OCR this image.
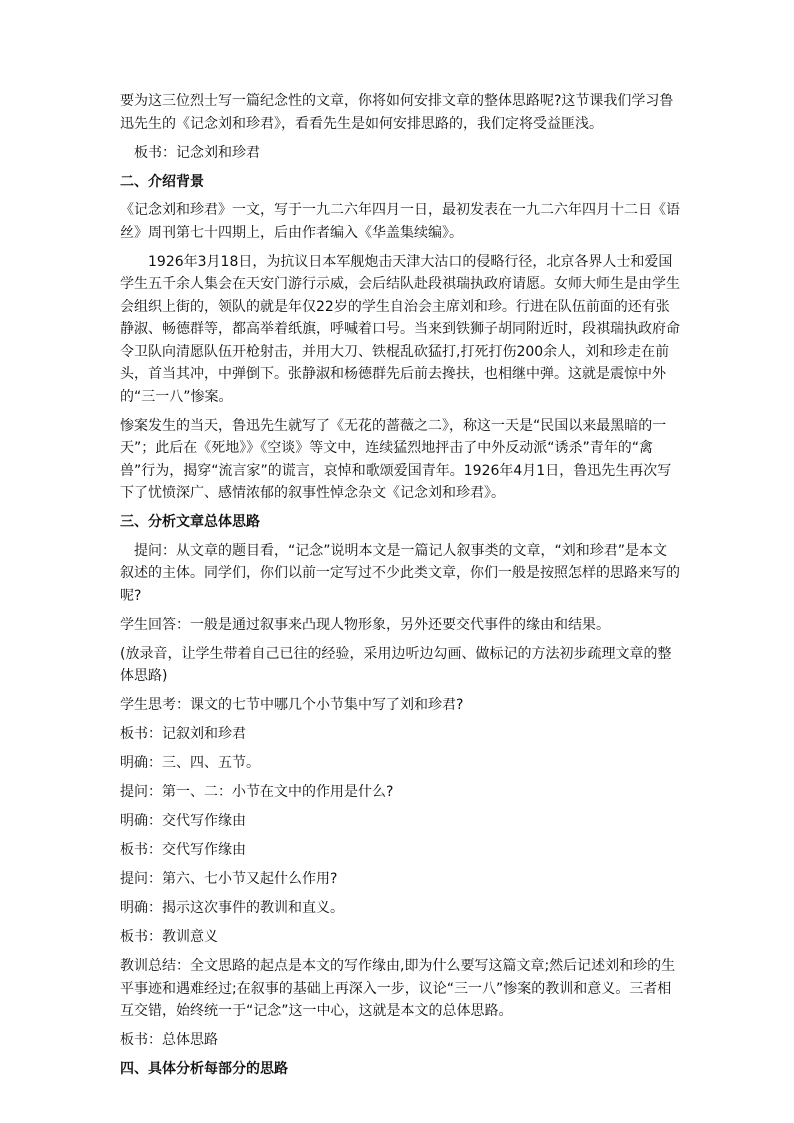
要为这三位烈士写一篇纪念性的文章，你将如何安排文章的整体思路呢?这节课我们学习鲁迅先生的《记念刘和珍君》，看看先生是如何安排思路的，我们定将受益匪浅。

板书：记念刘和珍君

二、介绍背景

《记念刘和珍君》一文，写于一九二六年四月一日，最初发表在一九二六年四月十二日《语丝》周刊第七十四期上，后由作者编入《华盖集续编》。

1926年3月18日，为抗议日本军舰炮击天津大沽口的侵略行径，北京各界人士和爱国学生五千余人集会在天安门游行示威，会后结队赴段祺瑞执政府请愿。女师大师生是由学生会组织上街的，领队的就是年仅22岁的学生自治会主席刘和珍。行进在队伍前面的还有张静淑、畅德群等，都高举着纸旗，呼喊着口号。当来到铁狮子胡同附近时，段祺瑞执政府命令卫队向清愿队伍开枪射击，并用大刀、铁棍乱砍猛打,打死打伤200余人，刘和珍走在前头，首当其冲，中弹倒下。张静淑和杨德群先后前去搀扶，也相继中弹。这就是震惊中外的“三一八”惨案。

惨案发生的当天，鲁迅先生就写了《无花的蔷薇之二》，称这一天是“民国以来最黑暗的一天”；此后在《死地》》《空谈》等文中，连续猛烈地抨击了中外反动派“诱杀”青年的“禽兽”行为，揭穿“流言家”的谎言，哀悼和歌颂爱国青年。1926年4月1日，鲁迅先生再次写下了忧愤深广、感情浓郁的叙事性悼念杂文《记念刘和珍君》。

三、分析文章总体思路

提问：从文章的题目看，“记念”说明本文是一篇记人叙事类的文章，“刘和珍君”是本文叙述的主体。同学们，你们以前一定写过不少此类文章，你们一般是按照怎样的思路来写的呢?

学生回答：一般是通过叙事来凸现人物形象，另外还要交代事件的缘由和结果。

(放录音，让学生带着自己已往的经验，采用边听边勾画、做标记的方法初步疏理文章的整体思路)

学生思考：课文的七节中哪几个小节集中写了刘和珍君?

板书：记叙刘和珍君

明确：三、四、五节。

提问：第一、二：小节在文中的作用是什么?

明确：交代写作缘由

板书：交代写作缘由

提问：第六、七小节又起什么作用?

明确：揭示这次事件的教训和直义。

板书：教训意义

教训总结：全文思路的起点是本文的写作缘由,即为什么要写这篇文章;然后记述刘和珍的生平事迹和遇难经过;在叙事的基础上再深入一步，议论“三一八”惨案的教训和意义。三者相互交错，始终统一于“记念”这一中心，这就是本文的总体思路。

板书：总体思路

四、具体分析每部分的思路
